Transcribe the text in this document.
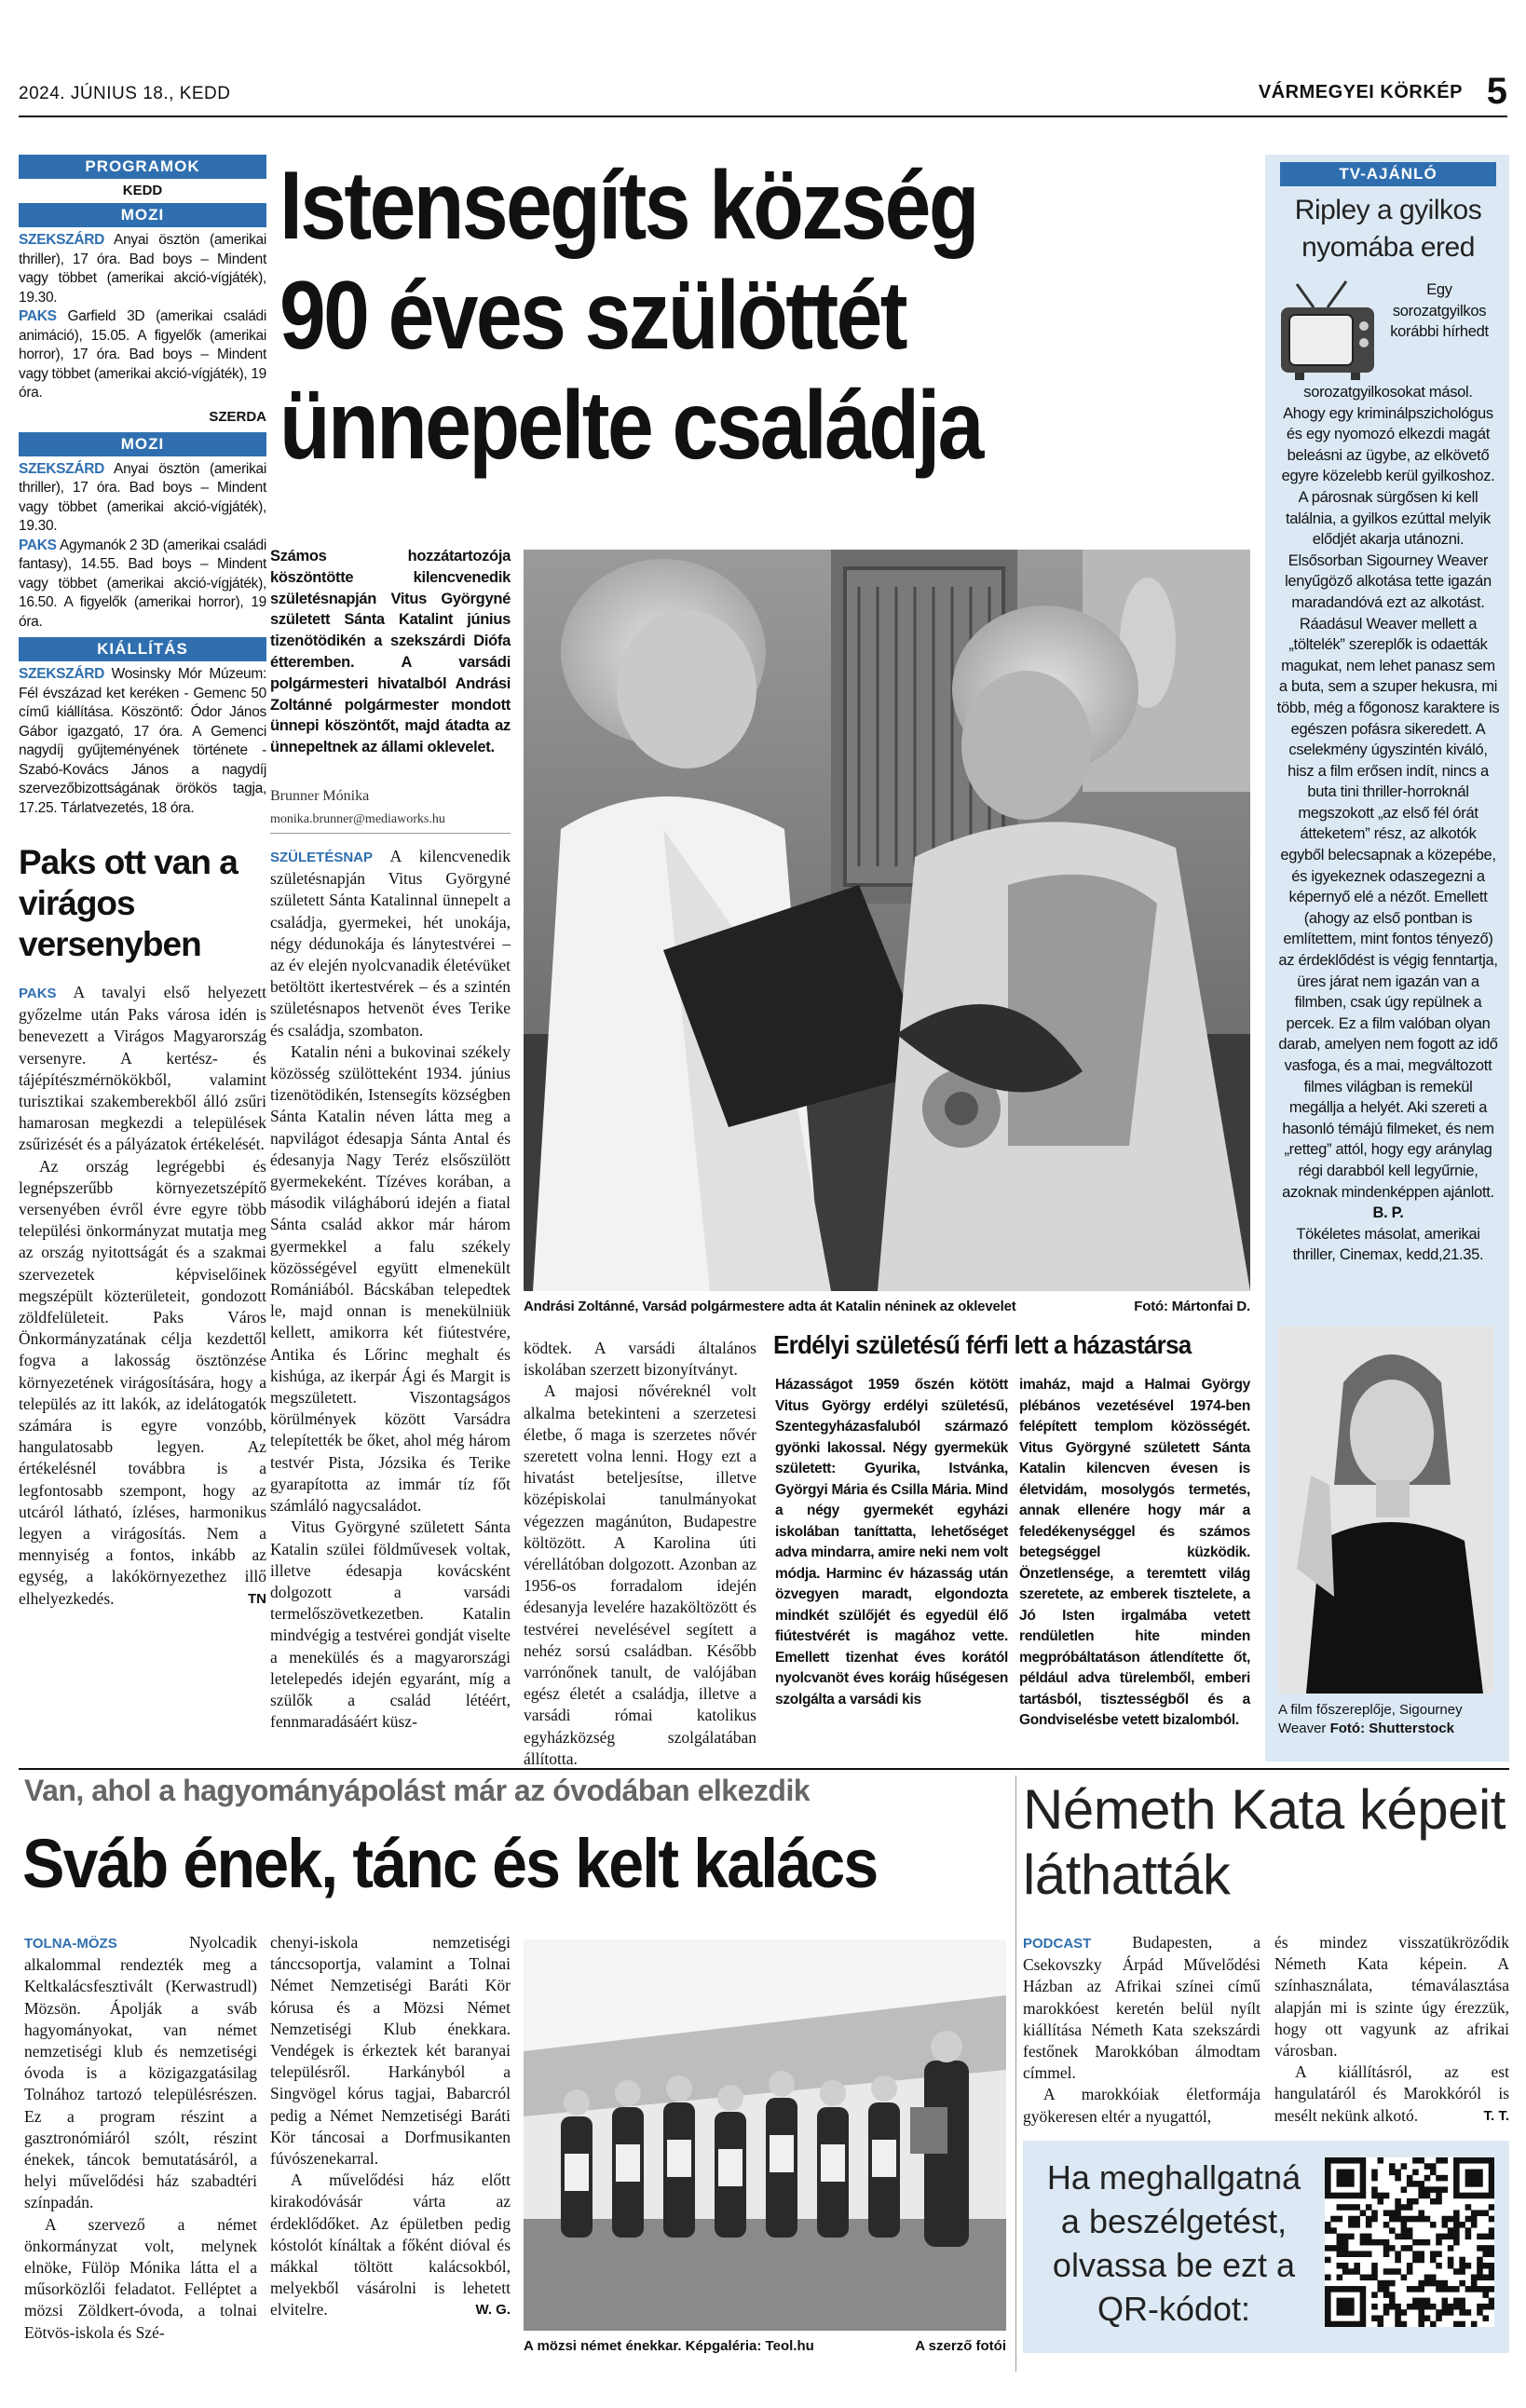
2024. JÚNIUS 18., KEDD	VÁRMEGYEI KÖRKÉP 5
PROGRAMOK
KEDD
MOZI
SZEKSZÁRD Anyai ösztön (amerikai thriller), 17 óra. Bad boys – Mindent vagy többet (amerikai akció-vígjáték), 19.30.
PAKS Garfield 3D (amerikai családi animáció), 15.05. A figyelők (amerikai horror), 17 óra. Bad boys – Mindent vagy többet (amerikai akció-vígjáték), 19 óra.
SZERDA
MOZI
SZEKSZÁRD Anyai ösztön (amerikai thriller), 17 óra. Bad boys – Mindent vagy többet (amerikai akció-vígjáték), 19.30.
PAKS Agymanók 2 3D (amerikai családi fantasy), 14.55. Bad boys – Mindent vagy többet (amerikai akció-vígjáték), 16.50. A figyelők (amerikai horror), 19 óra.
KIÁLLÍTÁS
SZEKSZÁRD Wosinsky Mór Múzeum: Fél évszázad ket keréken - Gemenc 50 című kiállítása. Köszöntő: Ódor János Gábor igazgató, 17 óra. A Gemenci nagydíj gyűjteményének története - Szabó-Kovács János a nagydíj szervezőbizottságának örökös tagja, 17.25. Tárlatvezetés, 18 óra.
Paks ott van a virágos versenyben

PAKS A tavalyi első helyezett győzelme után Paks városa idén is benevezett a Virágos Magyarország versenyre. A kertész- és tájépítészmérnökökből, valamint turisztikai szakemberekből álló zsűri hamarosan megkezdi a települések zsűrizését és a pályázatok értékelését.

Az ország legrégebbi és legnépszerűbb környezetszépítő versenyében évről évre egyre több települési önkormányzat mutatja meg az ország nyitottságát és a szakmai szervezetek képviselőinek megszépült közterületeit, gondozott zöldfelületeit. Paks Város Önkormányzatának célja kezdettől fogva a lakosság ösztönzése környezetének virágosítására, hogy a település az itt lakók, az idelátogatók számára is egyre vonzóbb, hangulatosabb legyen. Az értékelésnél továbbra is a legfontosabb szempont, hogy az utcáról látható, ízléses, harmonikus legyen a virágosítás. Nem a mennyiség a fontos, inkább az egység, a lakókörnyezethez illő elhelyezkedés.	TN

Istensegíts község
90 éves szülöttét
ünnepelte családja
Számos hozzátartozója köszöntötte kilencvenedik születésnapján Vitus Györgyné született Sánta Katalint június tizenötödikén a szekszárdi Diófa étteremben. A varsádi polgármesteri hivatalból Andrási Zoltánné polgármester mondott ünnepi köszöntőt, majd átadta az ünnepeltnek az állami oklevelet.
Brunner Mónika
monika.brunner@mediaworks.hu

SZÜLETÉSNAP A kilencvenedik születésnapján Vitus Györgyné született Sánta Katalinnal ünnepelt a családja, gyermekei, hét unokája, négy dédunokája és lánytestvérei – az év elején nyolcvanadik életévüket betöltött ikertestvérek – és a szintén születésnapos hetvenöt éves Terike és családja, szombaton.

Katalin néni a bukovinai székely közösség szülötteként 1934. június tizenötödikén, Istensegíts községben Sánta Katalin néven látta meg a napvilágot édesapja Sánta Antal és édesanyja Nagy Teréz elsőszülött gyermekeként. Tízéves korában, a második világháború idején a fiatal Sánta család akkor már három gyermekkel a falu székely közösségével együtt elmenekült Romániából. Bácskában telepedtek le, majd onnan is menekülniük kellett, amikorra két fiútestvére, Antika és Lőrinc meghalt és kishúga, az ikerpár Ági és Margit is megszületett. Viszontagságos körülmények között Varsádra telepítették be őket, ahol még három testvér Pista, Józsika és Terike gyarapította az immár tíz főt számláló nagycsaládot.

Vitus Györgyné született Sánta Katalin szülei földművesek voltak, illetve édesapja kovácsként dolgozott a varsádi termelőszövetkezetben. Katalin mindvégig a testvérei gondját viselte a menekülés és a magyarországi letelepedés idején egyaránt, míg a szülők a család létéért, fennmaradásáért küsz-

Andrási Zoltánné, Varsád polgármestere adta át Katalin néninek az oklevelet	Fotó: Mártonfai D.

ködtek. A varsádi általános iskolában szerzett bizonyítványt.

A majosi nővéreknél volt alkalma betekinteni a szerzetesi életbe, ő maga is szerzetes nővér szeretett volna lenni. Hogy ezt a hivatást beteljesítse, illetve középiskolai tanulmányokat végezzen magánúton, Budapestre költözött. A Karolina úti vérellátóban dolgozott. Azonban az 1956-os forradalom idején édesanyja levelére hazaköltözött és testvérei nevelésével segített a nehéz sorsú családban. Később varrónőnek tanult, de valójában egész életét a családja, illetve a varsádi római katolikus egyházközség szolgálatában állította.

Erdélyi születésű férfi lett a házastársa
Házasságot 1959 őszén kötött Vitus György erdélyi születésű, Szentegyházasfaluból származó gyönki lakossal. Négy gyermekük született: Gyurika, Istvánka, Györgyi Mária és Csilla Mária. Mind a négy gyermekét egyházi iskolában taníttatta, lehetőséget adva mindarra, amire neki nem volt módja. Harminc év házasság után özvegyen maradt, elgondozta mindkét szülőjét és egyedül élő fiútestvérét is magához vette. Emellett tizenhat éves korától nyolcvanöt éves koráig hűségesen szolgálta a varsádi kis
imaház, majd a Halmai György plébános vezetésével 1974-ben felépített templom közösségét. Vitus Györgyné született Sánta Katalin kilencven évesen is életvidám, mosolygós termetés, annak ellenére hogy már a feledékenységgel és számos betegséggel küzködik. Önzetlensége, a teremtett világ szeretete, az emberek tisztelete, a Jó Isten irgalmába vetett rendületlen hite minden megpróbáltatáson átlendítette őt, például adva türelemből, emberi tartásból, tisztességből és a Gondviselésbe vetett bizalomból.
TV-AJÁNLÓ
Ripley a gyilkos nyomába ered
Egy sorozatgyilkos korábbi hírhedt sorozatgyilkosokat másol.
Ahogy egy kriminálpszichológus és egy nyomozó elkezdi magát beleásni az ügybe, az elkövető egyre közelebb kerül gyilkoshoz. A párosnak sürgősen ki kell találnia, a gyilkos ezúttal melyik elődjét akarja utánozni. Elsősorban Sigourney Weaver lenyűgöző alkotása tette igazán maradandóvá ezt az alkotást. Ráadásul Weaver mellett a „töltelék” szereplők is odaetták magukat, nem lehet panasz sem a buta, sem a szuper hekusra, mi több, még a főgonosz karaktere is egészen pofásra sikeredett. A cselekmény úgyszintén kiváló, hisz a film erősen indít, nincs a buta tini thriller-horroknál megszokott „az első fél órát átteketem” rész, az alkotók egyből belecsapnak a közepébe, és igyekeznek odaszegezni a képernyő elé a nézőt. Emellett (ahogy az első pontban is említettem, mint fontos tényező) az érdeklődést is végig fenntartja, üres járat nem igazán van a filmben, csak úgy repülnek a percek. Ez a film valóban olyan darab, amelyen nem fogott az idő vasfoga, és a mai, megváltozott filmes világban is remekül megállja a helyét. Aki szereti a hasonló témájú filmeket, és nem „retteg” attól, hogy egy aránylag régi darabból kell legyűrnie, azoknak mindenképpen ajánlott. B. P.
Tökéletes másolat, amerikai thriller, Cinemax, kedd,21.35.
A film főszereplője, Sigourney Weaver Fotó: Shutterstock
Van, ahol a hagyományápolást már az óvodában elkezdik
Sváb ének, tánc és kelt kalács

TOLNA-MÖZS Nyolcadik alkalommal rendezték meg a Keltkalácsfesztivált (Kerwastrudl) Mözsön. Ápolják a sváb hagyományokat, van német nemzetiségi klub és nemzetiségi óvoda is a közigazgatásilag Tolnához tartozó településrészen. Ez a program részint a gasztronómiáról szólt, részint énekek, táncok bemutatásáról, a helyi művelődési ház szabadtéri színpadán.

A szervező a német önkormányzat volt, melynek elnöke, Fülöp Mónika látta el a műsorközlői feladatot. Felléptet a mözsi Zöldkert-óvoda, a tolnai Eötvös-iskola és Szé-

chenyi-iskola nemzetiségi tánccsoportja, valamint a Tolnai Német Nemzetiségi Baráti Kör kórusa és a Mözsi Német Nemzetiségi Klub énekkara. Vendégek is érkeztek két baranyai településről. Harkányból a Singvögel kórus tagjai, Babarcról pedig a Német Nemzetiségi Baráti Kör táncosai a Dorfmusikanten fúvószenekarral.

A művelődési ház előtt kirakodóvásár várta az érdeklődőket. Az épületben pedig kóstolót kínáltak a főként dióval és mákkal töltött kalácsokból, melyekből vásárolni is lehetett elvitelre.	W. G.

A mözsi német énekkar. Képgaléria: Teol.hu	A szerző fotói
Németh Kata képeit láthatták

PODCAST Budapesten, a Csekovszky Árpád Művelődési Házban az Afrikai színei című marokkóest keretén belül nyílt kiállítása Németh Kata szekszárdi festőnek Marokkóban álmodtam címmel.

A marokkóiak életformája gyökeresen eltér a nyugattól,

és mindez visszatükröződik Németh Kata képein. A színhasználata, témaválasztása alapján mi is szinte úgy érezzük, hogy ott vagyunk az afrikai városban.

A kiállításról, az est hangulatáról és Marokkóról is mesélt nekünk alkotó.	T. T.

Ha meghallgatná a beszélgetést, olvassa be ezt a QR-kódot:
